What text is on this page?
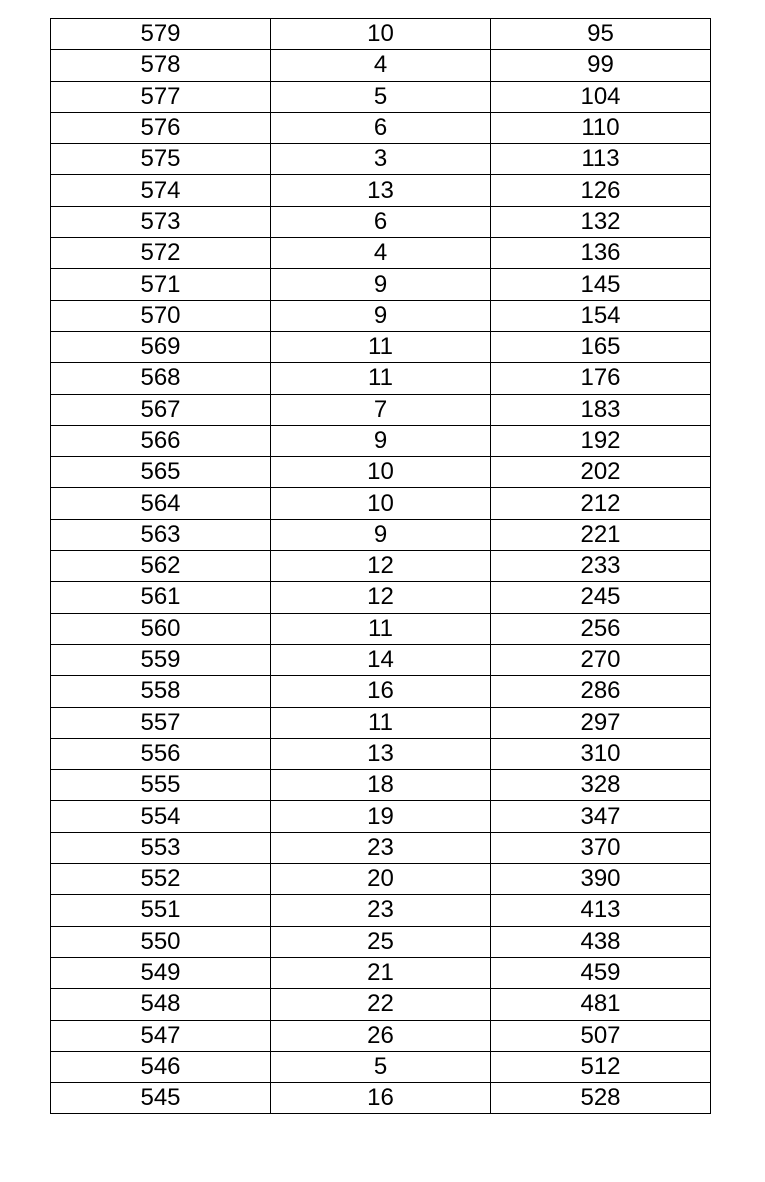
579	10	95
578	4	99
577	5	104
576	6	110
575	3	113
574	13	126
573	6	132
572	4	136
571	9	145
570	9	154
569	11	165
568	11	176
567	7	183
566	9	192
565	10	202
564	10	212
563	9	221
562	12	233
561	12	245
560	11	256
559	14	270
558	16	286
557	11	297
556	13	310
555	18	328
554	19	347
553	23	370
552	20	390
551	23	413
550	25	438
549	21	459
548	22	481
547	26	507
546	5	512
545	16	528
